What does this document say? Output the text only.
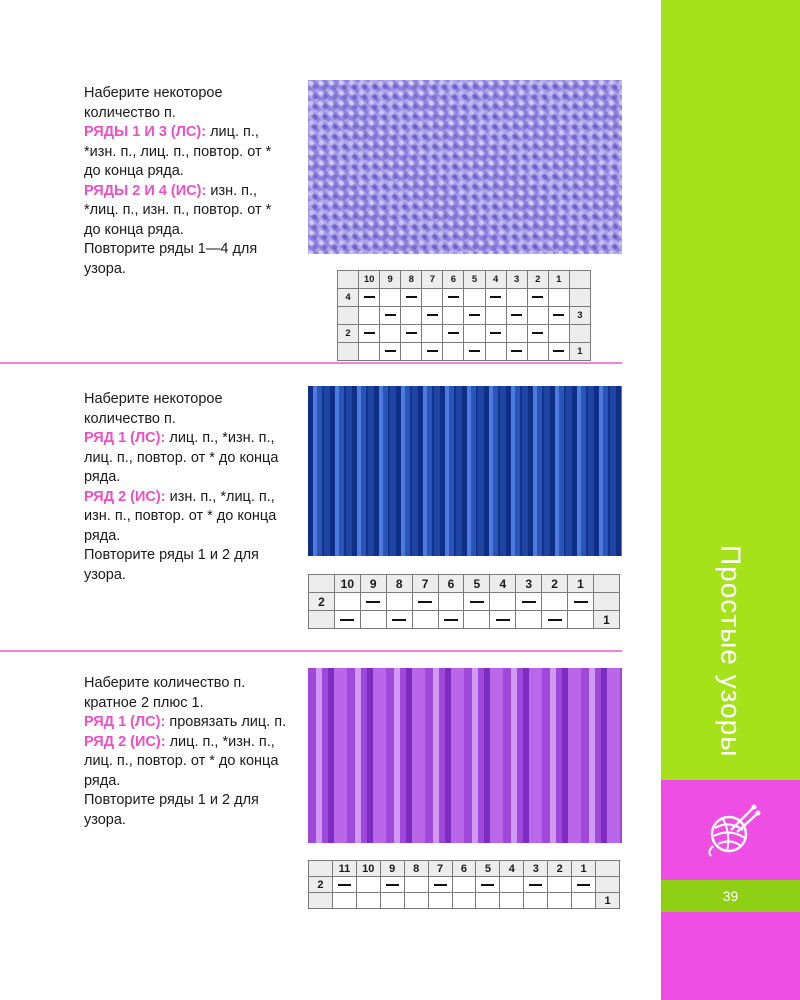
Простые узоры
39

Наберите некоторое количество п.

РЯДЫ 1 И 3 (ЛС): лиц. п., *изн. п., лиц. п., повтор. от * до конца ряда.

РЯДЫ 2 И 4 (ИС): изн. п., *лиц. п., изн. п., повтор. от * до конца ряда.

Повторите ряды 1—4 для узора.

	10	9	8	7	6	5	4	3	2	1	
4											
											3
2											
											1

Наберите некоторое количество п.

РЯД 1 (ЛС): лиц. п., *изн. п., лиц. п., повтор. от * до конца ряда.

РЯД 2 (ИС): изн. п., *лиц. п., изн. п., повтор. от * до конца ряда.

Повторите ряды 1 и 2 для узора.

	10	9	8	7	6	5	4	3	2	1	
2											
											1

Наберите количество п. кратное 2 плюс 1.

РЯД 1 (ЛС): провязать лиц. п.

РЯД 2 (ИС): лиц. п., *изн. п., лиц. п., повтор. от * до конца ряда.

Повторите ряды 1 и 2 для узора.

	11	10	9	8	7	6	5	4	3	2	1	
2												
												1
